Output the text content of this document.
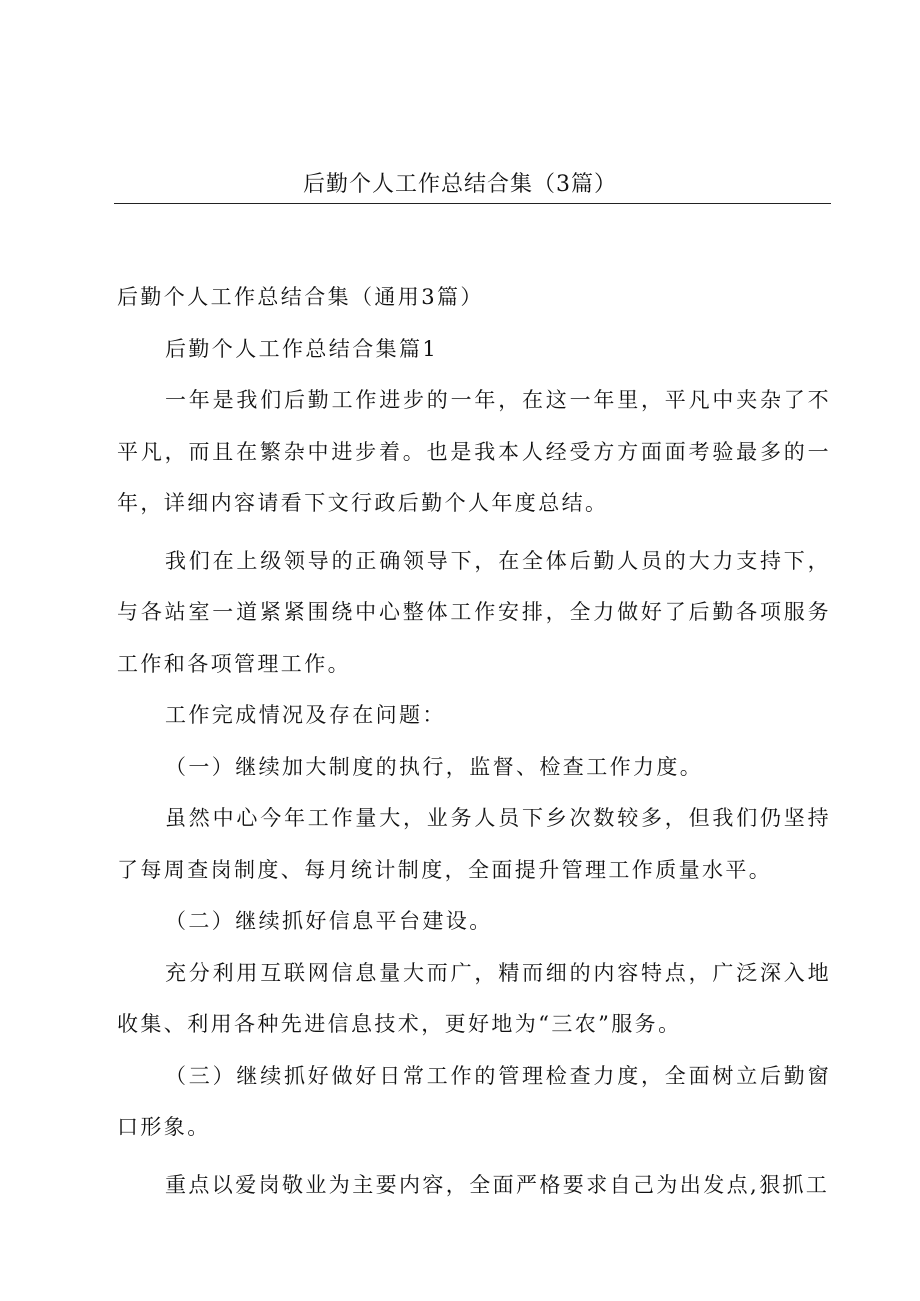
后勤个人工作总结合集（3篇）

后勤个人工作总结合集（通用3篇）

后勤个人工作总结合集篇1

一年是我们后勤工作进步的一年，在这一年里，平凡中夹杂了不平凡，而且在繁杂中进步着。也是我本人经受方方面面考验最多的一年，详细内容请看下文行政后勤个人年度总结。

我们在上级领导的正确领导下，在全体后勤人员的大力支持下，与各站室一道紧紧围绕中心整体工作安排，全力做好了后勤各项服务工作和各项管理工作。

工作完成情况及存在问题：

（一）继续加大制度的执行，监督、检查工作力度。

虽然中心今年工作量大，业务人员下乡次数较多，但我们仍坚持了每周查岗制度、每月统计制度，全面提升管理工作质量水平。

（二）继续抓好信息平台建设。

充分利用互联网信息量大而广，精而细的内容特点，广泛深入地收集、利用各种先进信息技术，更好地为“三农”服务。

（三）继续抓好做好日常工作的管理检查力度，全面树立后勤窗口形象。

重点以爱岗敬业为主要内容，全面严格要求自己为出发点,狠抓工
